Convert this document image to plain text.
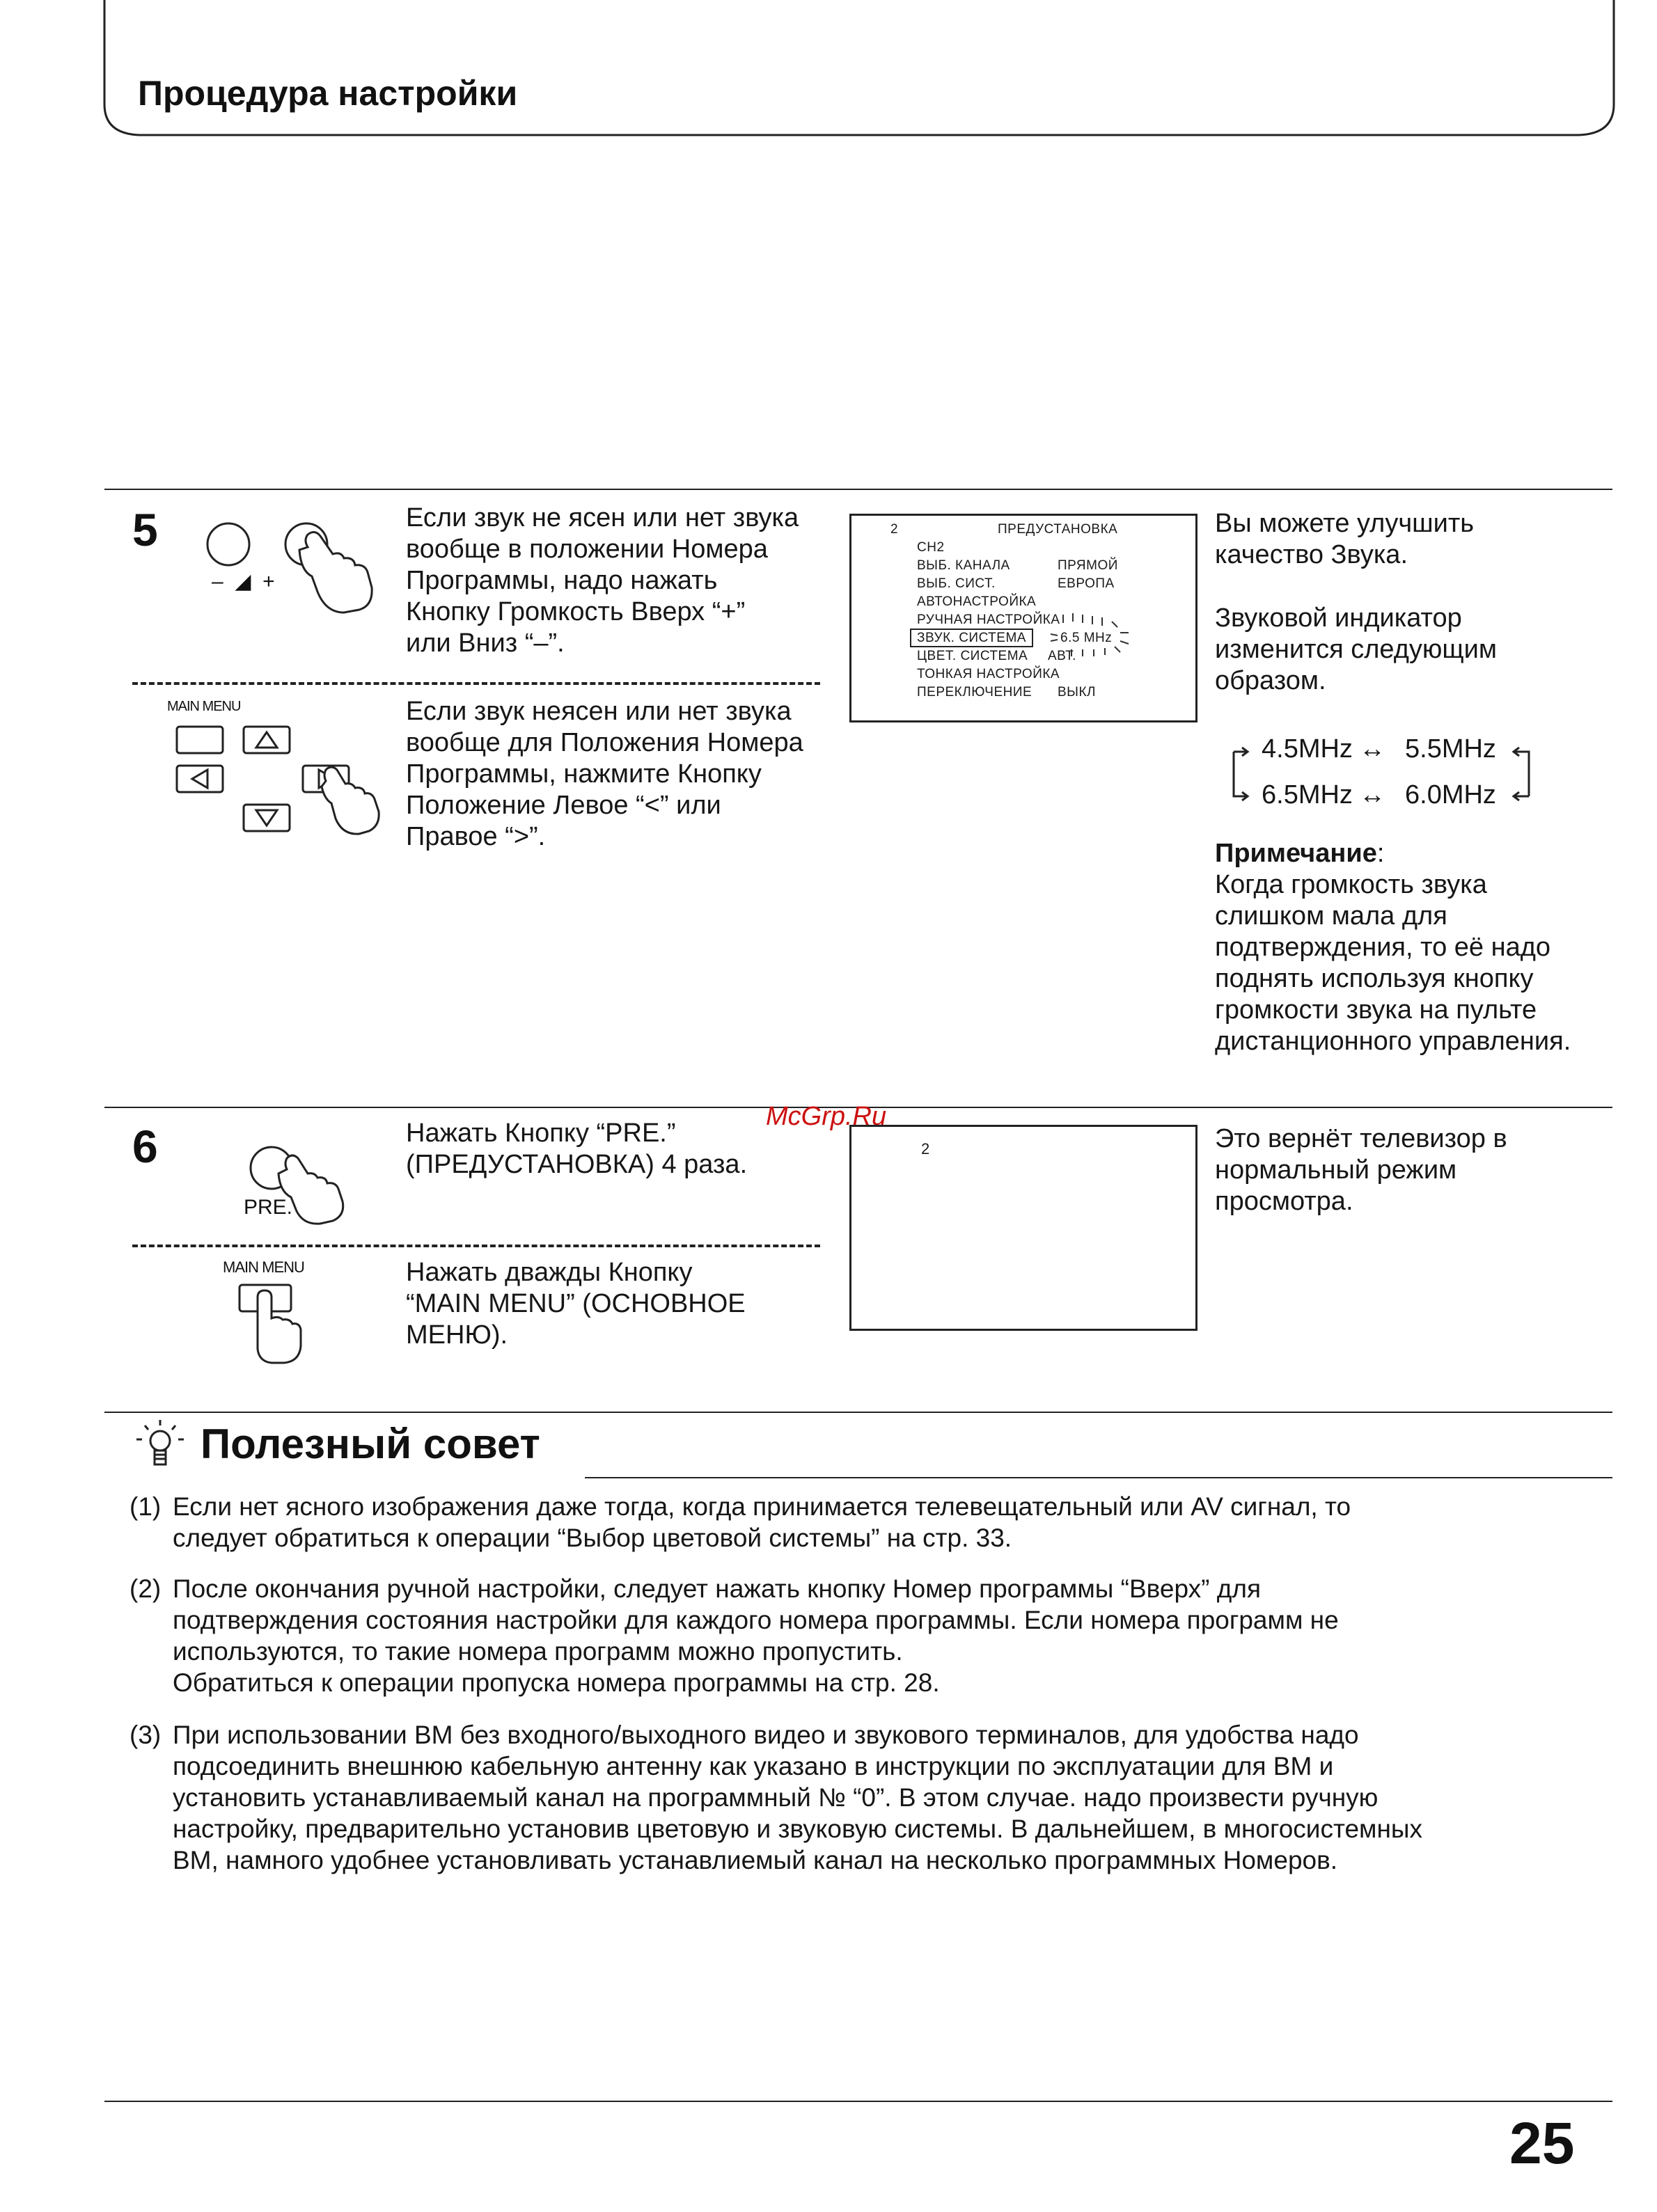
Процедура настройки
5
–  ◢  +
Если звук не ясен или нет звука
вообще в положении Номера
Программы, надо нажать
Кнопку Громкость Вверх “+”
или Вниз “–”.
MAIN MENU	Если звук неясен или нет звука
вообще для Положения Номера
Программы, нажмите Кнопку
Положение Левое “<” или
Правое “>”.
2	ПРЕДУСТАНОВКА
CH2
ВЫБ. КАНАЛА	ПРЯМОЙ
ВЫБ. СИСТ.	ЕВРОПА
АВТОНАСТРОЙКА
РУЧНАЯ НАСТРОЙКА
ЗВУК. СИСТЕМА	6.5 MHz
ЦВЕТ. СИСТЕМА АВТ.
ТОНКАЯ НАСТРОЙКА
ПЕРЕКЛЮЧЕНИЕ ВЫКЛ
Вы можете улучшить
качество Звука.
Звуковой индикатор
изменится следующим
образом.
4.5MHz ↔ 5.5MHz
6.5MHz ↔ 6.0MHz
Примечание:
Когда громкость звука
слишком мала для
подтверждения, то её надо
поднять используя кнопку
громкости звука на пульте
дистанционного управления.
McGrp.Ru
6
PRE.
Нажать Кнопку “PRE.”
(ПРЕДУСТАНОВКА) 4 раза.
MAIN MENU	Нажать дважды Кнопку
“MAIN MENU” (ОСНОВНОЕ
МЕНЮ).
2	Это вернёт телевизор в
нормальный режим
просмотра.
Полезный совет
(1) Если нет ясного изображения даже тогда, когда принимается телевещательный или AV сигнал, то
следует обратиться к операции “Выбор цветовой системы” на стр. 33.
(2) После окончания ручной настройки, следует нажать кнопку Номер программы “Вверх” для
подтверждения состояния настройки для каждого номера программы. Если номера программ не
используются, то такие номера программ можно пропустить.
Обратиться к операции пропуска номера программы на стр. 28.
(3) При использовании ВМ без входного/выходного видео и звукового терминалов, для удобства надо
подсоединить внешнюю кабельную антенну как указано в инструкции по эксплуатации для ВМ и
установить устанавливаемый канал на программный № “0”. В этом случае. надо произвести ручную
настройку, предварительно установив цветовую и звуковую системы. В дальнейшем, в многосистемных
ВМ, намного удобнее установливать устанавлиемый канал на несколько программных Номеров.
25
